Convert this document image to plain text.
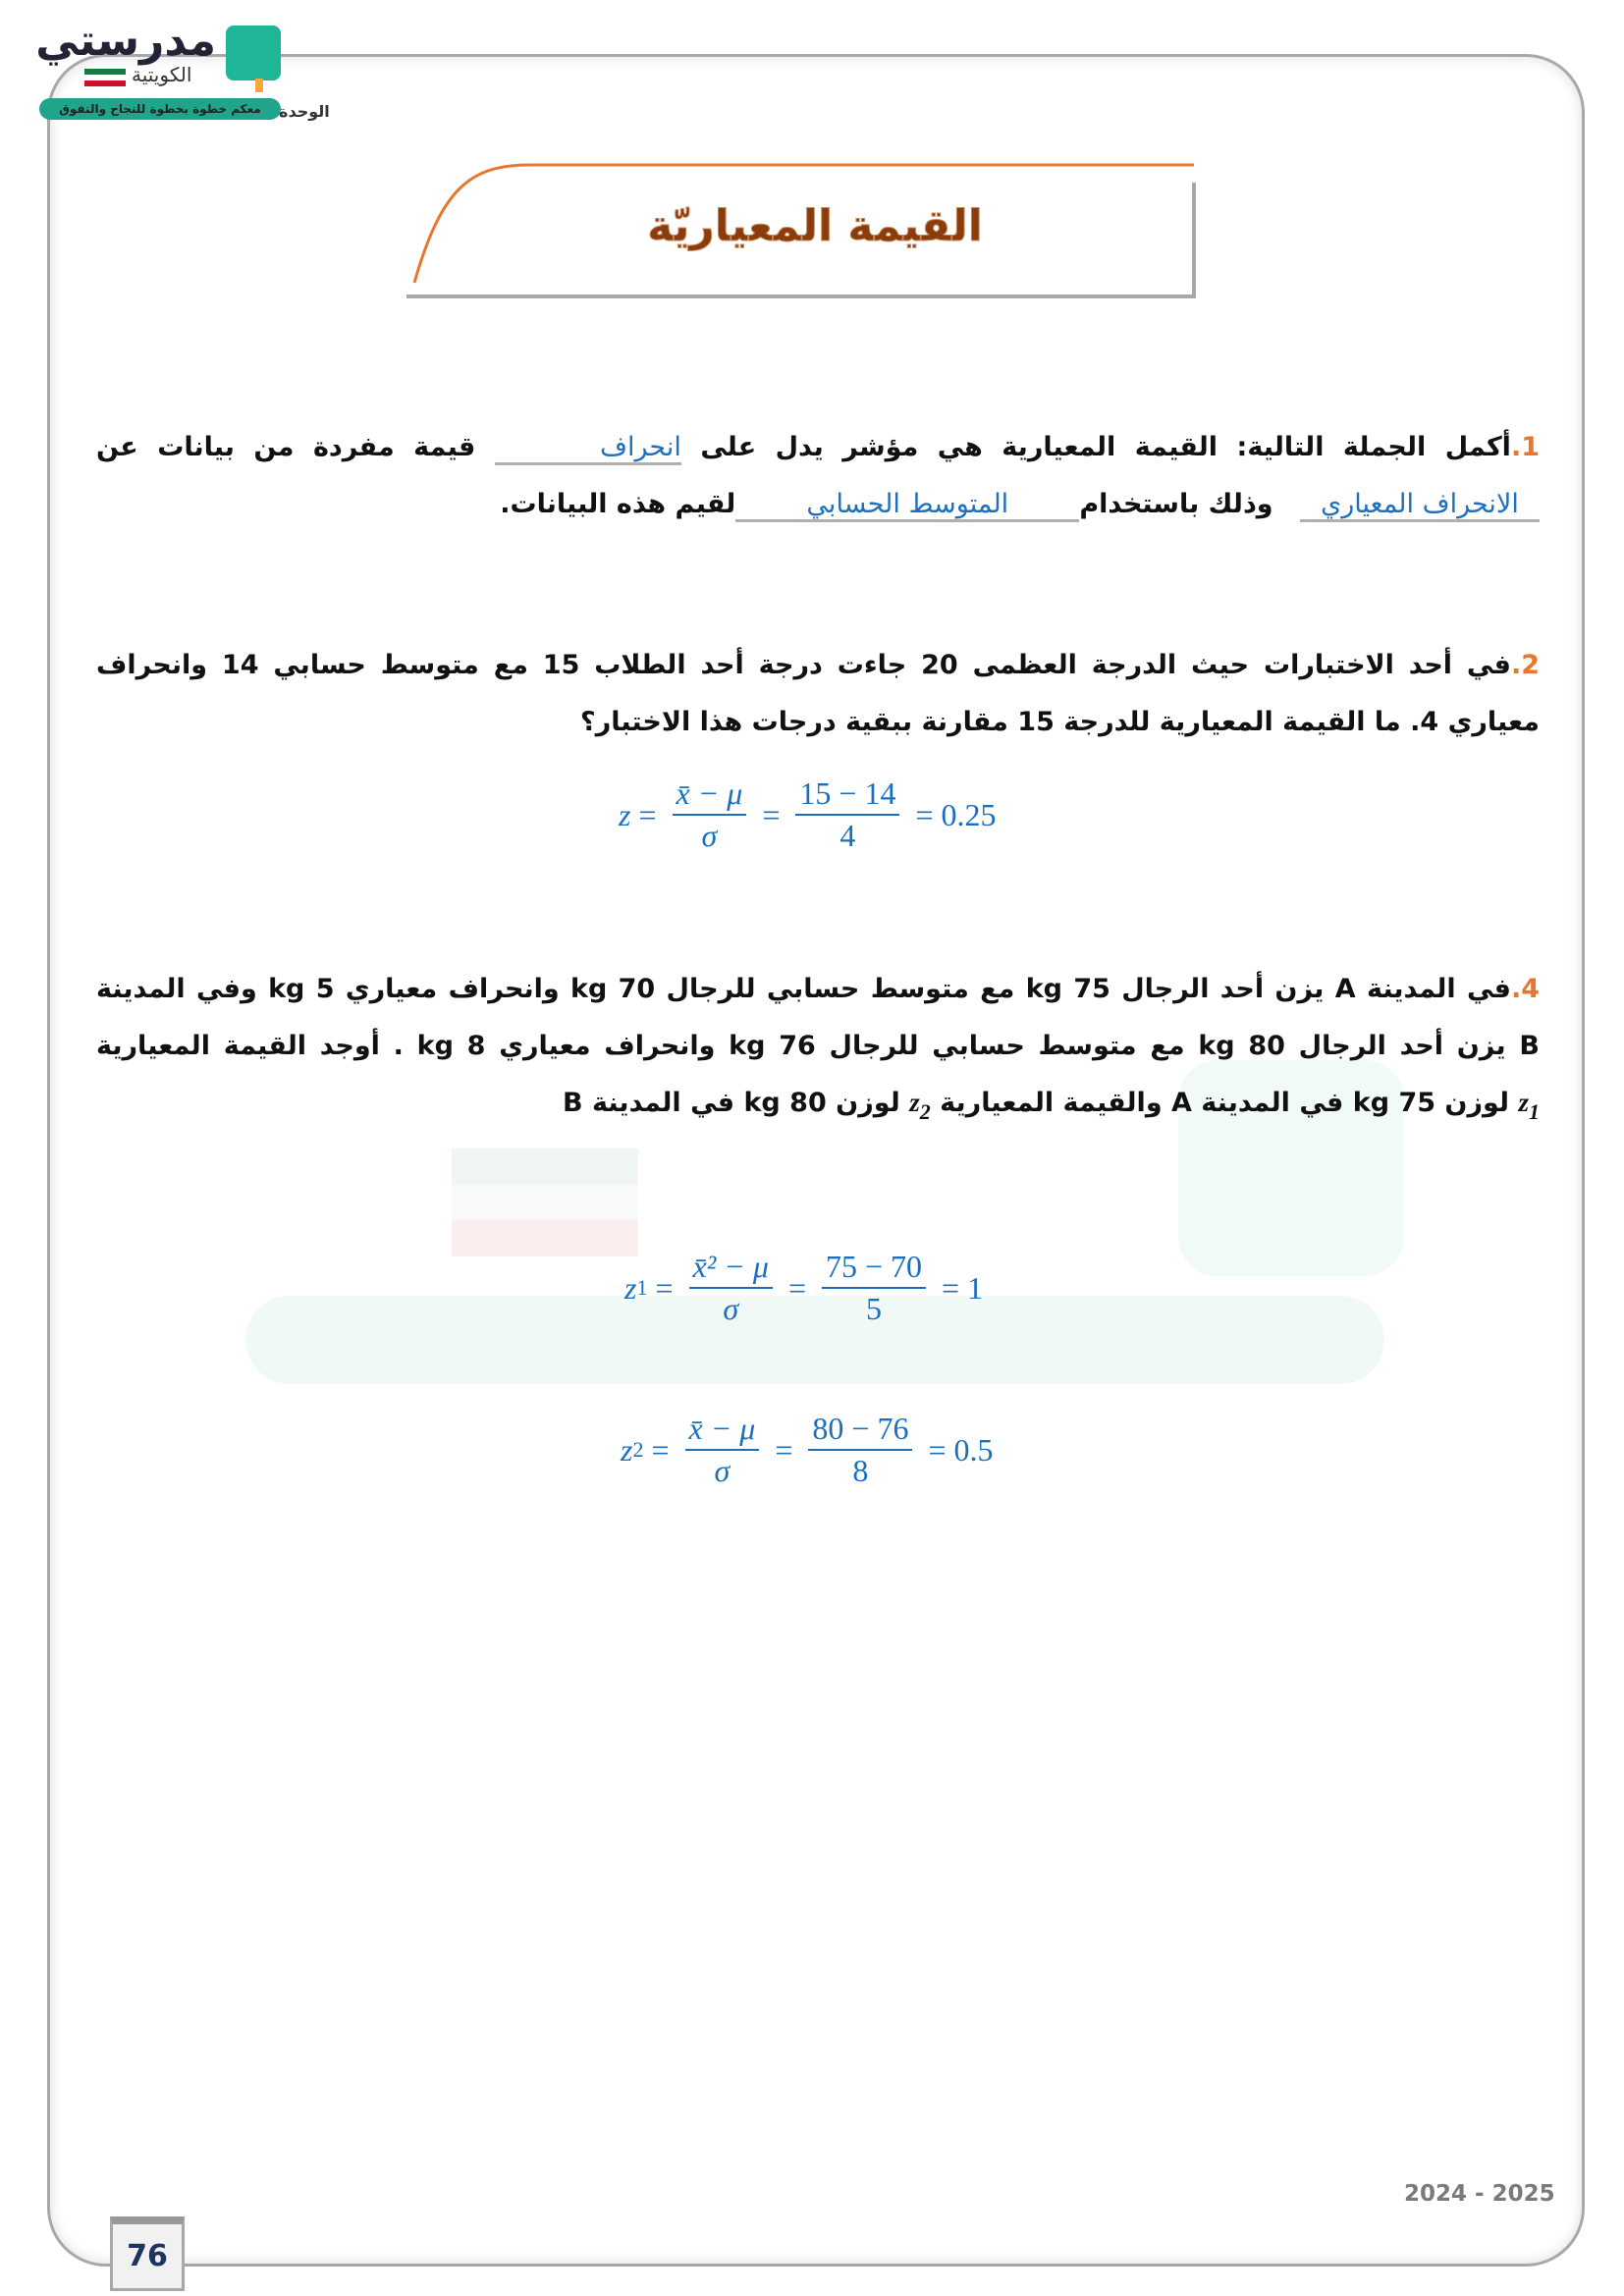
مدرستي
الكويتية
معكم خطوة بخطوة للنجاح والتفوق	الوحدة
القيمة المعياريّة
1.أكمل الجملة التالية: القيمة المعيارية هي مؤشر يدل على انحراف قيمة مفردة من بيانات عن
الانحراف المعياري وذلك باستخدامالمتوسط الحسابيلقيم هذه البيانات.
2.في أحد الاختبارات حيث الدرجة العظمى 20 جاءت درجة أحد الطلاب 15 مع متوسط حسابي 14 وانحراف
معياري 4. ما القيمة المعيارية للدرجة 15 مقارنة ببقية درجات هذا الاختبار؟
$z = \frac{x̄ - \mu}{\sigma} = \frac{15 - 14}{4} = 0.25$
4.في المدينة A يزن أحد الرجال 75 kg مع متوسط حسابي للرجال 70 kg وانحراف معياري 5 kg وفي المدينة
B يزن أحد الرجال 80 kg مع متوسط حسابي للرجال 76 kg وانحراف معياري 8 kg . أوجد القيمة المعيارية
$z_1$ لوزن 75 kg في المدينة A والقيمة المعيارية $z_2$ لوزن 80 kg في المدينة B
z $1 = \frac{\text{x̄² − μ}}{\sigma} = \frac{75 - 70}{5} = 1$
z $2 = \frac{x̄ - \mu}{\sigma} = \frac{80 - 76}{8} = 0.5$
2024 - 2025
76
